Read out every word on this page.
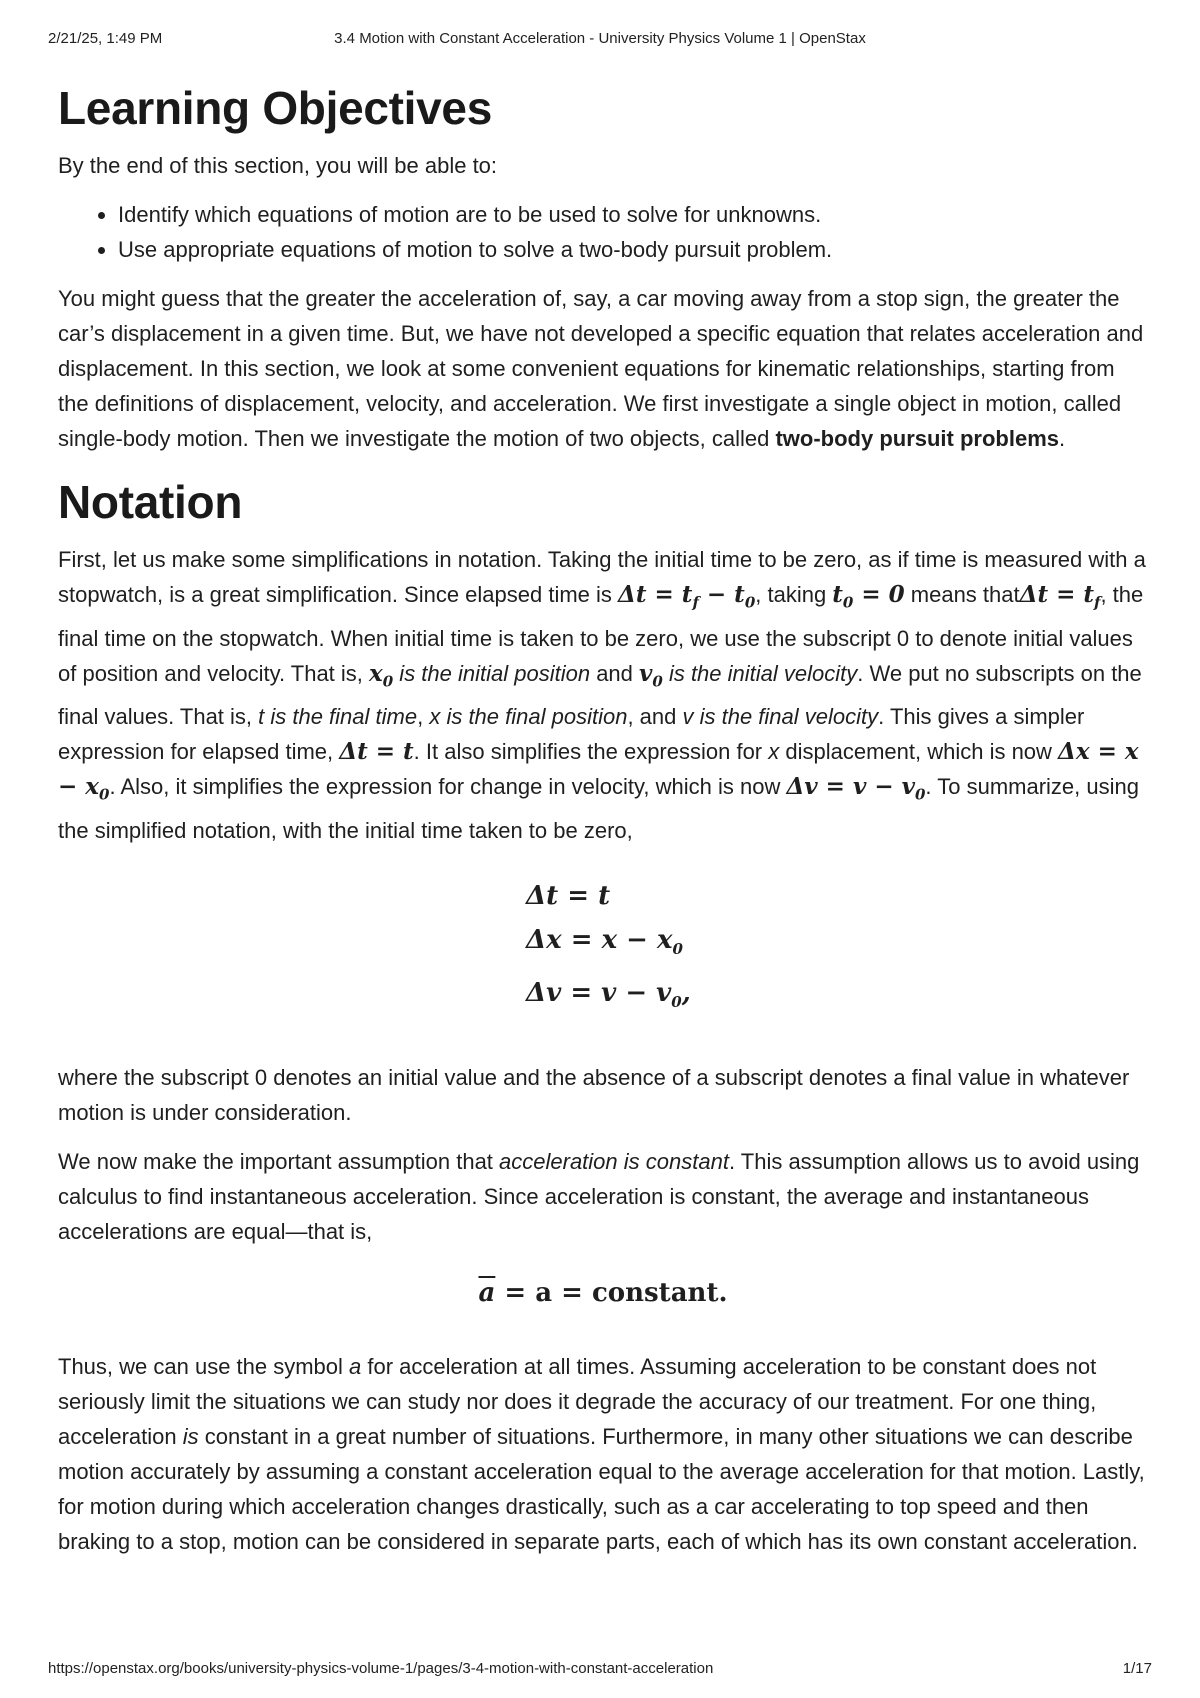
2/21/25, 1:49 PM	3.4 Motion with Constant Acceleration - University Physics Volume 1 | OpenStax
Learning Objectives

By the end of this section, you will be able to:

• Identify which equations of motion are to be used to solve for unknowns.
• Use appropriate equations of motion to solve a two-body pursuit problem.

You might guess that the greater the acceleration of, say, a car moving away from a stop sign, the greater the car’s displacement in a given time. But, we have not developed a specific equation that relates acceleration and displacement. In this section, we look at some convenient equations for kinematic relationships, starting from the definitions of displacement, velocity, and acceleration. We first investigate a single object in motion, called single-body motion. Then we investigate the motion of two objects, called two-body pursuit problems.

Notation

First, let us make some simplifications in notation. Taking the initial time to be zero, as if time is measured with a stopwatch, is a great simplification. Since elapsed time is $\Delta t = t_f - t_0$, taking $t_0 = 0$ means thatΔt = $t_f$, the final time on the stopwatch. When initial time is taken to be zero, we use the subscript 0 to denote initial values of position and velocity. That is, $x_0$ is the initial position and $v_0$ is the initial velocity. We put no subscripts on the final values. That is, t is the final time, x is the final position, and v is the final velocity. This gives a simpler expression for elapsed time, Δt = t. It also simplifies the expression for x displacement, which is now $\Delta x = x - x_0$. Also, it simplifies the expression for change in velocity, which is now $\Delta v = v - v_0$. To summarize, using the simplified notation, with the initial time taken to be zero,

Δt = t
$\Delta x = x - x_0$
$\Delta v = v - v_0$,

where the subscript 0 denotes an initial value and the absence of a subscript denotes a final value in whatever motion is under consideration.

We now make the important assumption that acceleration is constant. This assumption allows us to avoid using calculus to find instantaneous acceleration. Since acceleration is constant, the average and instantaneous accelerations are equal—that is,

$\overline{a} = a$ = constant.

Thus, we can use the symbol a for acceleration at all times. Assuming acceleration to be constant does not seriously limit the situations we can study nor does it degrade the accuracy of our treatment. For one thing, acceleration is constant in a great number of situations. Furthermore, in many other situations we can describe motion accurately by assuming a constant acceleration equal to the average acceleration for that motion. Lastly, for motion during which acceleration changes drastically, such as a car accelerating to top speed and then braking to a stop, motion can be considered in separate parts, each of which has its own constant acceleration.

https://openstax.org/books/university-physics-volume-1/pages/3-4-motion-with-constant-acceleration	1/17
